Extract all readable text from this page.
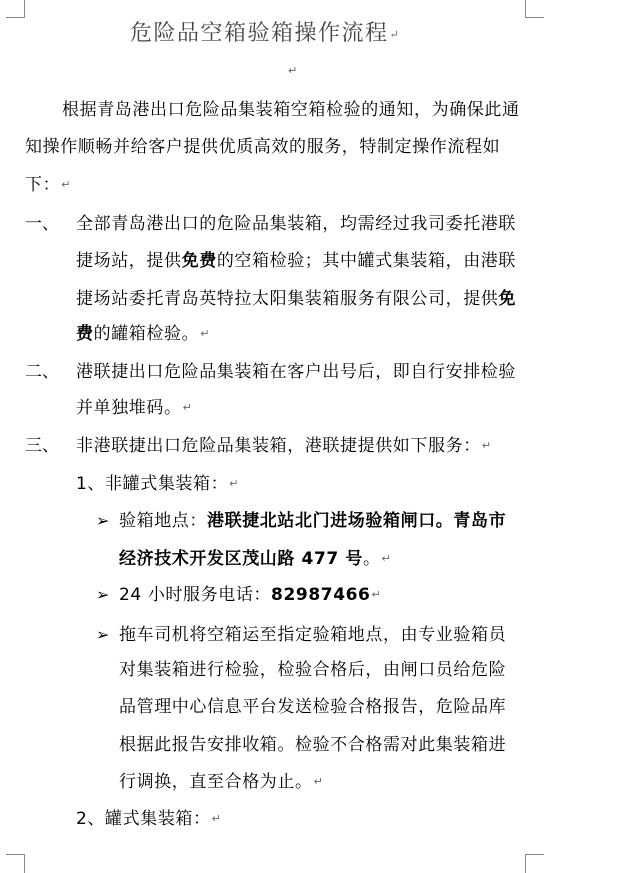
危险品空箱验箱操作流程↵
↵
根据青岛港出口危险品集装箱空箱检验的通知，为确保此通
知操作顺畅并给客户提供优质高效的服务，特制定操作流程如
下：↵
一、 全部青岛港出口的危险品集装箱，均需经过我司委托港联
捷场站，提供免费的空箱检验；其中罐式集装箱，由港联
捷场站委托青岛英特拉太阳集装箱服务有限公司，提供免
费的罐箱检验。↵
二、 港联捷出口危险品集装箱在客户出号后，即自行安排检验
并单独堆码。↵
三、 非港联捷出口危险品集装箱，港联捷提供如下服务：↵
1、非罐式集装箱：↵
➢ 验箱地点：港联捷北站北门进场验箱闸口。青岛市
经济技术开发区茂山路 477 号。↵
➢ 24 小时服务电话：82987466↵
➢ 拖车司机将空箱运至指定验箱地点，由专业验箱员
对集装箱进行检验，检验合格后，由闸口员给危险
品管理中心信息平台发送检验合格报告，危险品库
根据此报告安排收箱。检验不合格需对此集装箱进
行调换，直至合格为止。↵
2、罐式集装箱：↵
